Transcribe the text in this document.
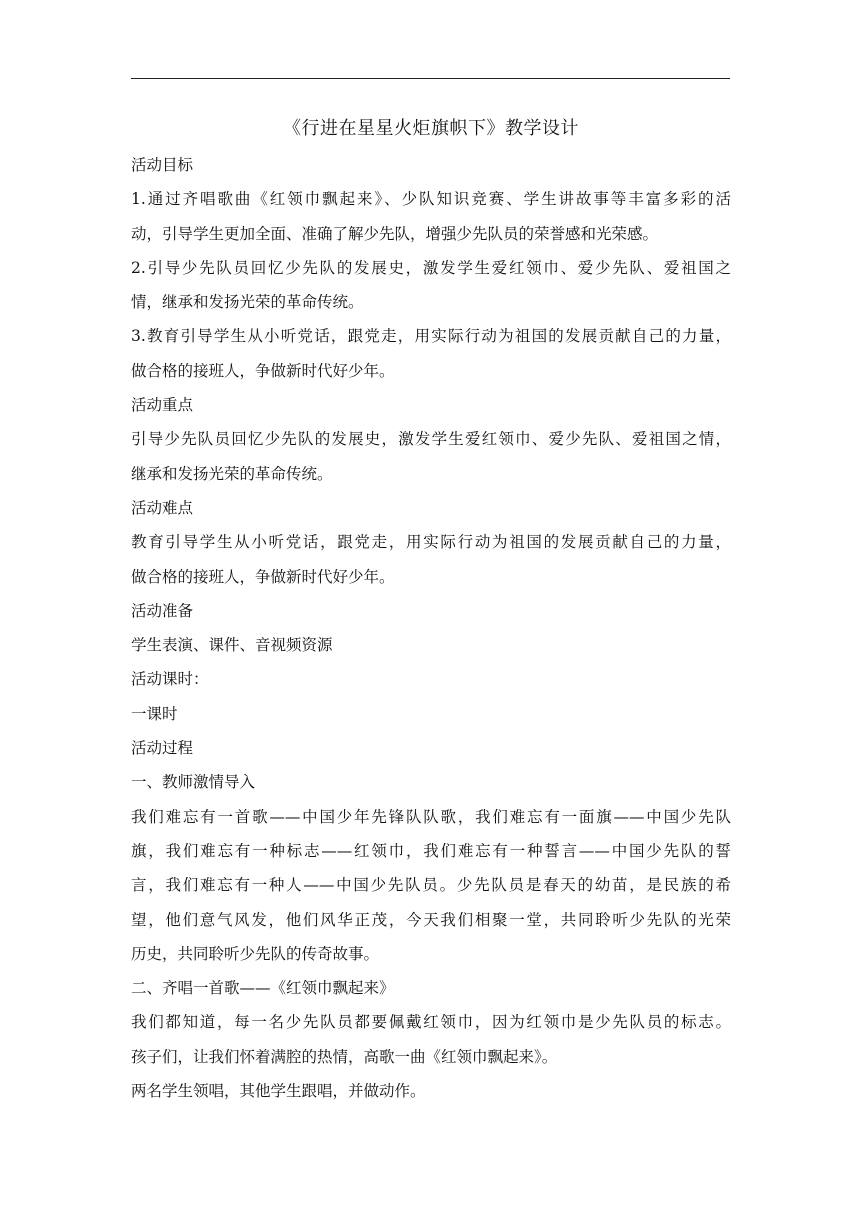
《行进在星星火炬旗帜下》教学设计
活动目标
1.通过齐唱歌曲《红领巾飘起来》、少队知识竞赛、学生讲故事等丰富多彩的活
动，引导学生更加全面、准确了解少先队，增强少先队员的荣誉感和光荣感。
2.引导少先队员回忆少先队的发展史，激发学生爱红领巾、爱少先队、爱祖国之
情，继承和发扬光荣的革命传统。
3.教育引导学生从小听党话，跟党走，用实际行动为祖国的发展贡献自己的力量，
做合格的接班人，争做新时代好少年。
活动重点
引导少先队员回忆少先队的发展史，激发学生爱红领巾、爱少先队、爱祖国之情，
继承和发扬光荣的革命传统。
活动难点
教育引导学生从小听党话，跟党走，用实际行动为祖国的发展贡献自己的力量，
做合格的接班人，争做新时代好少年。
活动准备
学生表演、课件、音视频资源
活动课时：
一课时
活动过程
一、教师激情导入
我们难忘有一首歌——中国少年先锋队队歌，我们难忘有一面旗——中国少先队
旗，我们难忘有一种标志——红领巾，我们难忘有一种誓言——中国少先队的誓
言，我们难忘有一种人——中国少先队员。少先队员是春天的幼苗，是民族的希
望，他们意气风发，他们风华正茂，今天我们相聚一堂，共同聆听少先队的光荣
历史，共同聆听少先队的传奇故事。
二、齐唱一首歌——《红领巾飘起来》
我们都知道，每一名少先队员都要佩戴红领巾，因为红领巾是少先队员的标志。
孩子们，让我们怀着满腔的热情，高歌一曲《红领巾飘起来》。
两名学生领唱，其他学生跟唱，并做动作。
